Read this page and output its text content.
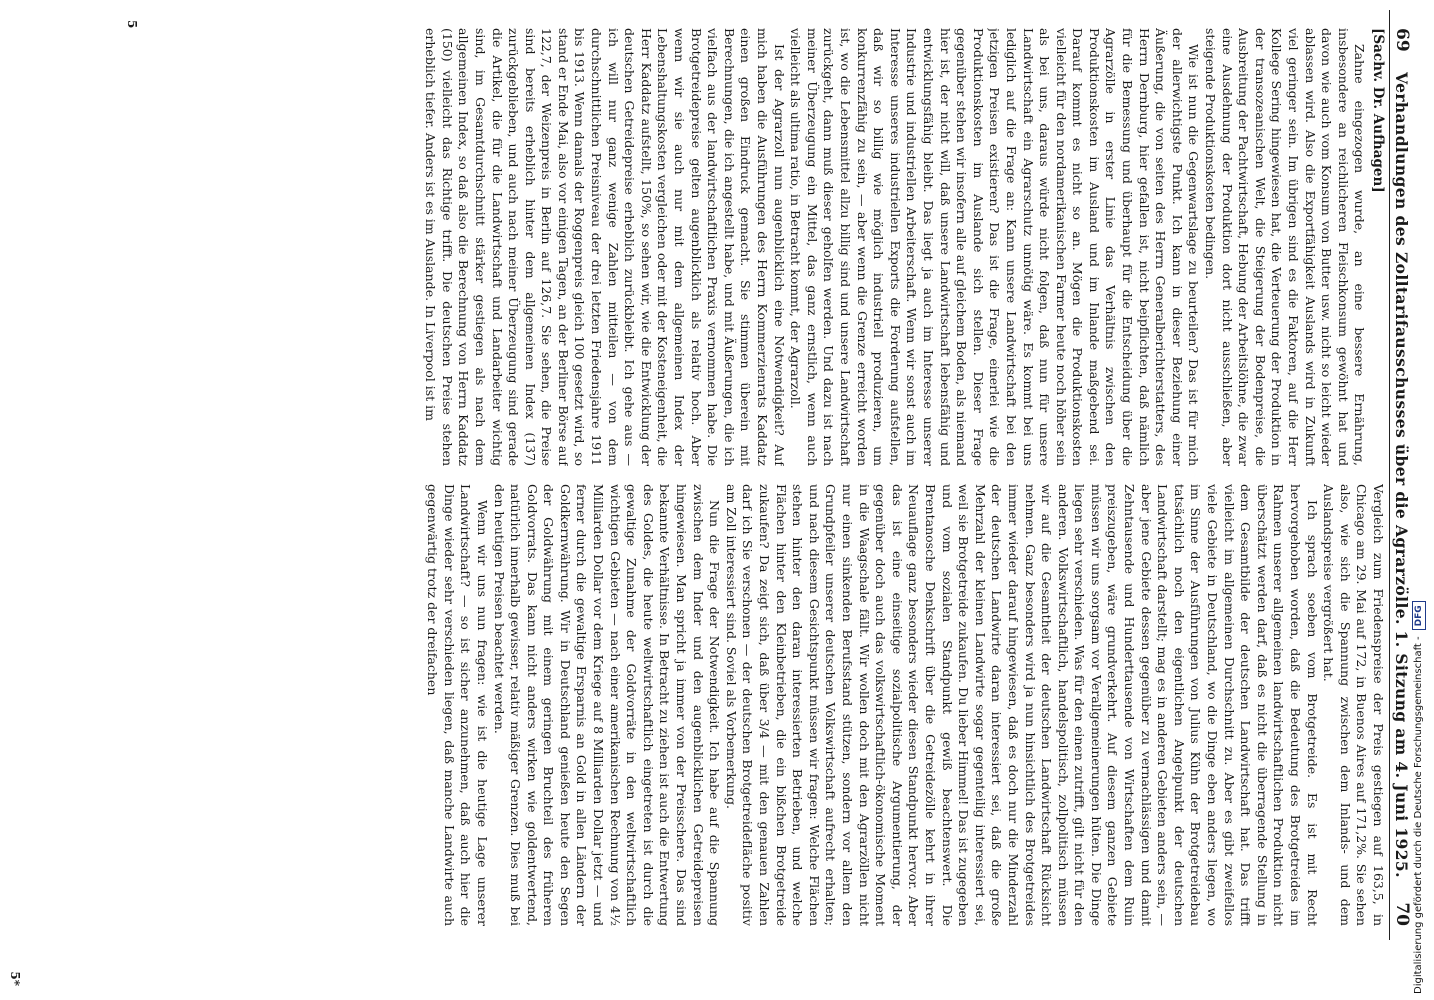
69
Verhandlungen des Zolltarifausschusses über die Agrarzölle. 1. Sitzung am 4. Juni 1925.
70
[Sachv. Dr. Aufhagen]

Zahne eingezogen wurde, an eine bessere Ernährung, insbesondere an reichlicheren Fleischkonsum gewöhnt hat und davon wie auch vom Konsum von Butter usw. nicht so leicht wieder ablassen wird. Also die Exportfähigkeit Auslands wird in Zukunft viel geringer sein. Im übrigen sind es die Faktoren, auf die Herr Kollege Sering hingewiesen hat, die Verteuerung der Produktion in der transozeanischen Welt, die Steigerung der Bodenpreise, die Ausbreitung der Pachtwirtschaft, Hebung der Arbeitslöhne, die zwar eine Ausdehnung der Produktion dort nicht ausschließen, aber steigende Produktionskosten bedingen.

Wie ist nun die Gegenwartslage zu beurteilen? Das ist für mich der allerwichtigste Punkt. Ich kann in dieser Beziehung einer Äußerung, die von seiten des Herrn Generalberichterstatters, des Herrn Dernburg, hier gefallen ist, nicht beipflichten, daß nämlich für die Bemessung und überhaupt für die Entscheidung über die Agrarzölle in erster Linie das Verhältnis zwischen den Produktionskosten im Ausland und im Inlande maßgebend sei. Darauf kommt es nicht so an. Mögen die Produktionskosten vielleicht für den nordamerikanischen Farmer heute noch höher sein als bei uns, daraus würde nicht folgen, daß nun für unsere Landwirtschaft ein Agrarschutz unnötig wäre. Es kommt bei uns lediglich auf die Frage an: Kann unsere Landwirtschaft bei den jetzigen Preisen existieren? Das ist die Frage, einerlei wie die Produktionskosten im Auslande sich stellen. Dieser Frage gegenüber stehen wir insofern alle auf gleichem Boden, als niemand hier ist, der nicht will, daß unsere Landwirtschaft lebensfähig und entwicklungsfähig bleibt. Das liegt ja auch im Interesse unserer Industrie und industriellen Arbeiterschaft. Wenn wir sonst auch im Interesse unseres industriellen Exports die Forderung aufstellen, daß wir so billig wie möglich industriell produzieren, um konkurrenzfähig zu sein, — aber wenn die Grenze erreicht worden ist, wo die Lebensmittel allzu billig sind und unsere Landwirtschaft zurückgeht, dann muß dieser geholfen werden. Und dazu ist nach meiner Überzeugung ein Mittel, das ganz ernstlich, wenn auch vielleicht als ultima ratio, in Betracht kommt, der Agrarzoll.

Ist der Agrarzoll nun augenblicklich eine Notwendigkeit? Auf mich haben die Ausführungen des Herrn Kommerzienrats Kaddatz einen großen Eindruck gemacht. Sie stimmen überein mit Berechnungen, die ich angestellt habe, und mit Äußerungen, die ich vielfach aus der landwirtschaftlichen Praxis vernommen habe. Die Brotgetreidepreise gelten augenblicklich als relativ hoch. Aber wenn wir sie auch nur mit dem allgemeinen Index der Lebenshaltungskosten vergleichen oder mit der Kosteneigenheit, die Herr Kaddatz aufstellt, 150%, so sehen wir, wie die Entwicklung der deutschen Getreidepreise erheblich zurückbleibt. Ich gehe aus — ich will nur ganz wenige Zahlen mitteilen — von dem durchschnittlichen Preisniveau der drei letzten Friedensjahre 1911 bis 1913. Wenn damals der Roggenpreis gleich 100 gesetzt wird, so stand er Ende Mai, also vor einigen Tagen, an der Berliner Börse auf 122,7, der Weizenpreis in Berlin auf 126,7. Sie sehen, die Preise sind bereits erheblich hinter dem allgemeinen Index (137) zurückgeblieben, und auch nach meiner Überzeugung sind gerade die Artikel, die für die Landwirtschaft und Landarbeiter wichtig sind, im Gesamtdurchschnitt stärker gestiegen als nach dem allgemeinen Index, so daß also die Berechnung von Herrn Kaddatz (150) vielleicht das Richtige trifft. Die deutschen Preise stehen erheblich tiefer. Anders ist es im Auslande. In Liverpool ist im

Vergleich zum Friedenspreise der Preis gestiegen auf 163,5, in Chicago am 29. Mai auf 172, in Buenos Aires auf 171,2%. Sie sehen also, wie sich die Spannung zwischen dem Inlands- und dem Auslandspreise vergrößert hat.

Ich sprach soeben vom Brotgetreide. Es ist mit Recht hervorgehoben worden, daß die Bedeutung des Brotgetreides im Rahmen unserer allgemeinen landwirtschaftlichen Produktion nicht überschätzt werden darf, daß es nicht die überragende Stellung in dem Gesamtbilde der deutschen Landwirtschaft hat. Das trifft vielleicht im allgemeinen Durchschnitt zu. Aber es gibt zweifellos viele Gebiete in Deutschland, wo die Dinge eben anders liegen, wo im Sinne der Ausführungen von Julius Kühn der Brotgetreidebau tatsächlich noch den eigentlichen Angelpunkt der deutschen Landwirtschaft darstellt; mag es in anderen Gebieten anders sein, — aber jene Gebiete dessen gegenüber zu vernachlässigen und damit Zehntausende und Hunderttausende von Wirtschaften dem Ruin preiszugeben, wäre grundverkehrt. Auf diesem ganzen Gebiete müssen wir uns sorgsam vor Verallgemeinerungen hüten. Die Dinge liegen sehr verschieden. Was für den einen zutrifft, gilt nicht für den anderen. Volkswirtschaftlich, handelspolitisch, zollpolitisch müssen wir auf die Gesamtheit der deutschen Landwirtschaft Rücksicht nehmen. Ganz besonders wird ja nun hinsichtlich des Brotgetreides immer wieder darauf hingewiesen, daß es doch nur die Minderzahl der deutschen Landwirte daran interessiert sei, daß die große Mehrzahl der kleinen Landwirte sogar gegenteilig interessiert sei, weil sie Brotgetreide zukaufen. Du lieber Himmel! Das ist zugegeben und vom sozialen Standpunkt gewiß beachtenswert. Die Brentanosche Denkschrift über die Getreidezölle kehrt in ihrer Neuauflage ganz besonders wieder diesen Standpunkt hervor. Aber das ist eine einseitige sozialpolitische Argumentierung, der gegenüber doch auch das volkswirtschaftlich-ökonomische Moment in die Waagschale fällt. Wir wollen doch mit den Agrarzöllen nicht nur einen sinkenden Berufsstand stützen, sondern vor allem den Grundpfeiler unserer deutschen Volkswirtschaft aufrecht erhalten; und nach diesem Gesichtspunkt müssen wir fragen: Welche Flächen stehen hinter den daran interessierten Betrieben, und welche Flächen hinter den Kleinbetrieben, die ein bißchen Brotgetreide zukaufen? Da zeigt sich, daß über 3/4 — mit den genauen Zahlen darf ich Sie verschonen — der deutschen Brotgetreidefläche positiv am Zoll interessiert sind. Soviel als Vorbemerkung.

Nun die Frage der Notwendigkeit. Ich habe auf die Spannung zwischen dem Inder und den augenblicklichen Getreidepreisen hingewiesen. Man spricht ja immer von der Preisschere. Das sind bekannte Verhältnisse. In Betracht zu ziehen ist auch die Entwertung des Goldes, die heute weltwirtschaftlich eingetreten ist durch die gewaltige Zunahme der Goldvorräte in den weltwirtschaftlich wichtigen Gebieten — nach einer amerikanischen Rechnung von 4½ Milliarden Dollar vor dem Kriege auf 8 Milliarden Dollar jetzt — und ferner durch die gewaltige Ersparnis an Gold in allen Ländern der Goldkernwährung. Wir in Deutschland genießen heute den Segen der Goldwährung mit einem geringen Bruchteil des früheren Goldvorrats. Das kann nicht anders wirken wie goldentwertend, natürlich innerhalb gewisser, relativ mäßiger Grenzen. Dies muß bei den heutigen Preisen beachtet werden.

Wenn wir uns nun fragen: wie ist die heutige Lage unserer Landwirtschaft? — so ist sicher anzunehmen, daß auch hier die Dinge wieder sehr verschieden liegen, daß manche Landwirte auch gegenwärtig trotz der dreifachen

5
5*	Digitalisierung gefördert durch die Deutsche Forschungsgemeinschaft -
DFG
